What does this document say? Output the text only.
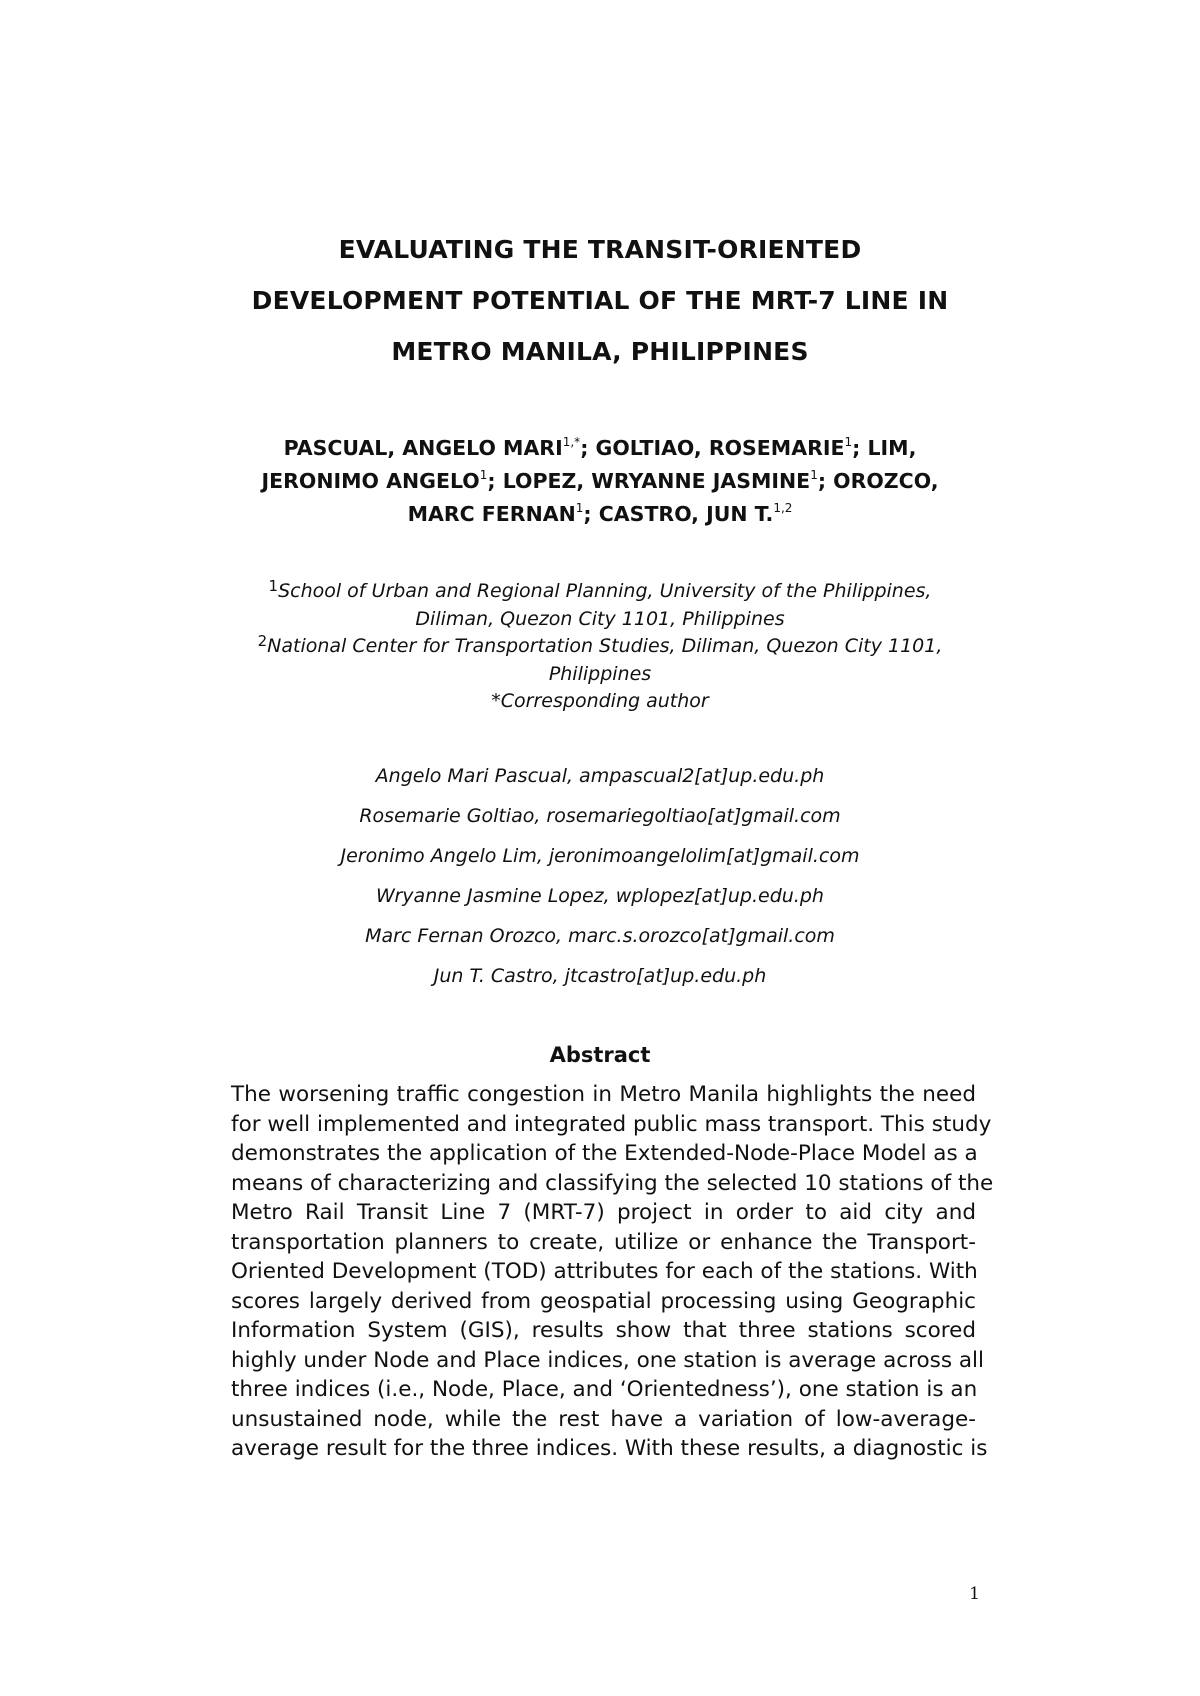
EVALUATING THE TRANSIT-ORIENTED
DEVELOPMENT POTENTIAL OF THE MRT-7 LINE IN
METRO MANILA, PHILIPPINES
PASCUAL, ANGELO $MARI^{1,*}$; GOLTIAO, ROSEMARIE$^1$; LIM,
JERONIMO ANGELO$^1$; LOPEZ, WRYANNE JASMINE$^1$; OROZCO,
MARC FERNAN$^1$; CASTRO, JUN T.$^{1,2}$
$^1$School of Urban and Regional Planning, University of the Philippines,
Diliman, Quezon City 1101, Philippines
$^2$National Center for Transportation Studies, Diliman, Quezon City 1101,
Philippines
*Corresponding author
Angelo Mari Pascual, ampascual2[at]up.edu.ph
Rosemarie Goltiao, rosemariegoltiao[at]gmail.com
Jeronimo Angelo Lim, jeronimoangelolim[at]gmail.com
Wryanne Jasmine Lopez, wplopez[at]up.edu.ph
Marc Fernan Orozco, marc.s.orozco[at]gmail.com
Jun T. Castro, jtcastro[at]up.edu.ph
Abstract
The worsening traffic congestion in Metro Manila highlights the need
for well implemented and integrated public mass transport. This study
demonstrates the application of the Extended-Node-Place Model as a
means of characterizing and classifying the selected 10 stations of the
Metro Rail Transit Line 7 (MRT-7) project in order to aid city and
transportation planners to create, utilize or enhance the Transport-
Oriented Development (TOD) attributes for each of the stations. With
scores largely derived from geospatial processing using Geographic
Information System (GIS), results show that three stations scored
highly under Node and Place indices, one station is average across all
three indices (i.e., Node, Place, and ‘Orientedness’), one station is an
unsustained node, while the rest have a variation of low-average-
average result for the three indices. With these results, a diagnostic is
1
